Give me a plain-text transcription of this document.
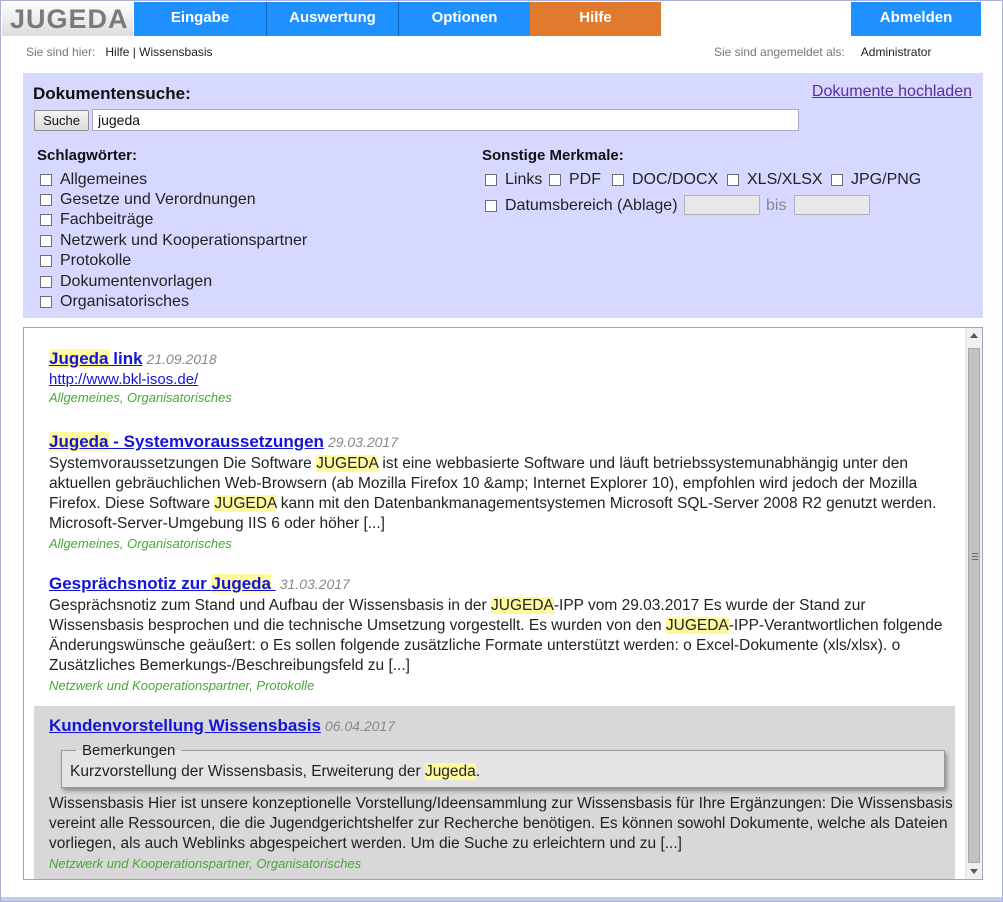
JUGEDA	Eingabe	Auswertung	Optionen	Hilfe	Abmelden
Sie sind hier: Hilfe | Wissensbasis	Sie sind angemeldet als: Administrator
Dokumentensuche:	Dokumente hochladen
Suche
jugeda
Schlagwörter:
Allgemeines
Gesetze und Verordnungen
Fachbeiträge
Netzwerk und Kooperationspartner
Protokolle
Dokumentenvorlagen
Organisatorisches
Sonstige Merkmale:
Links PDF DOC/DOCX XLS/XLSX JPG/PNG
Datumsbereich (Ablage)	bis
Jugeda link 21.09.2018
http://www.bkl-isos.de/
Allgemeines, Organisatorisches
Jugeda - Systemvoraussetzungen 29.03.2017
Systemvoraussetzungen Die Software JUGEDA ist eine webbasierte Software und läuft betriebssystemunabhängig unter den aktuellen gebräuchlichen Web-Browsern (ab Mozilla Firefox 10 &amp; Internet Explorer 10), empfohlen wird jedoch der Mozilla Firefox. Diese Software JUGEDA kann mit den Datenbankmanagementsystemen Microsoft SQL-Server 2008 R2 genutzt werden. Microsoft-Server-Umgebung IIS 6 oder höher [...]
Allgemeines, Organisatorisches
Gesprächsnotiz zur Jugeda 31.03.2017
Gesprächsnotiz zum Stand und Aufbau der Wissensbasis in der JUGEDA-IPP vom 29.03.2017 Es wurde der Stand zur Wissensbasis besprochen und die technische Umsetzung vorgestellt. Es wurden von den JUGEDA-IPP-Verantwortlichen folgende Änderungswünsche geäußert: o Es sollen folgende zusätzliche Formate unterstützt werden: o Excel-Dokumente (xls/xlsx). o Zusätzliches Bemerkungs-/Beschreibungsfeld zu [...]
Netzwerk und Kooperationspartner, Protokolle
Kundenvorstellung Wissensbasis 06.04.2017
Bemerkungen
Kurzvorstellung der Wissensbasis, Erweiterung der Jugeda.
Wissensbasis Hier ist unsere konzeptionelle Vorstellung/Ideensammlung zur Wissensbasis für Ihre Ergänzungen: Die Wissensbasis vereint alle Ressourcen, die die Jugendgerichtshelfer zur Recherche benötigen. Es können sowohl Dokumente, welche als Dateien vorliegen, als auch Weblinks abgespeichert werden. Um die Suche zu erleichtern und zu [...]
Netzwerk und Kooperationspartner, Organisatorisches
